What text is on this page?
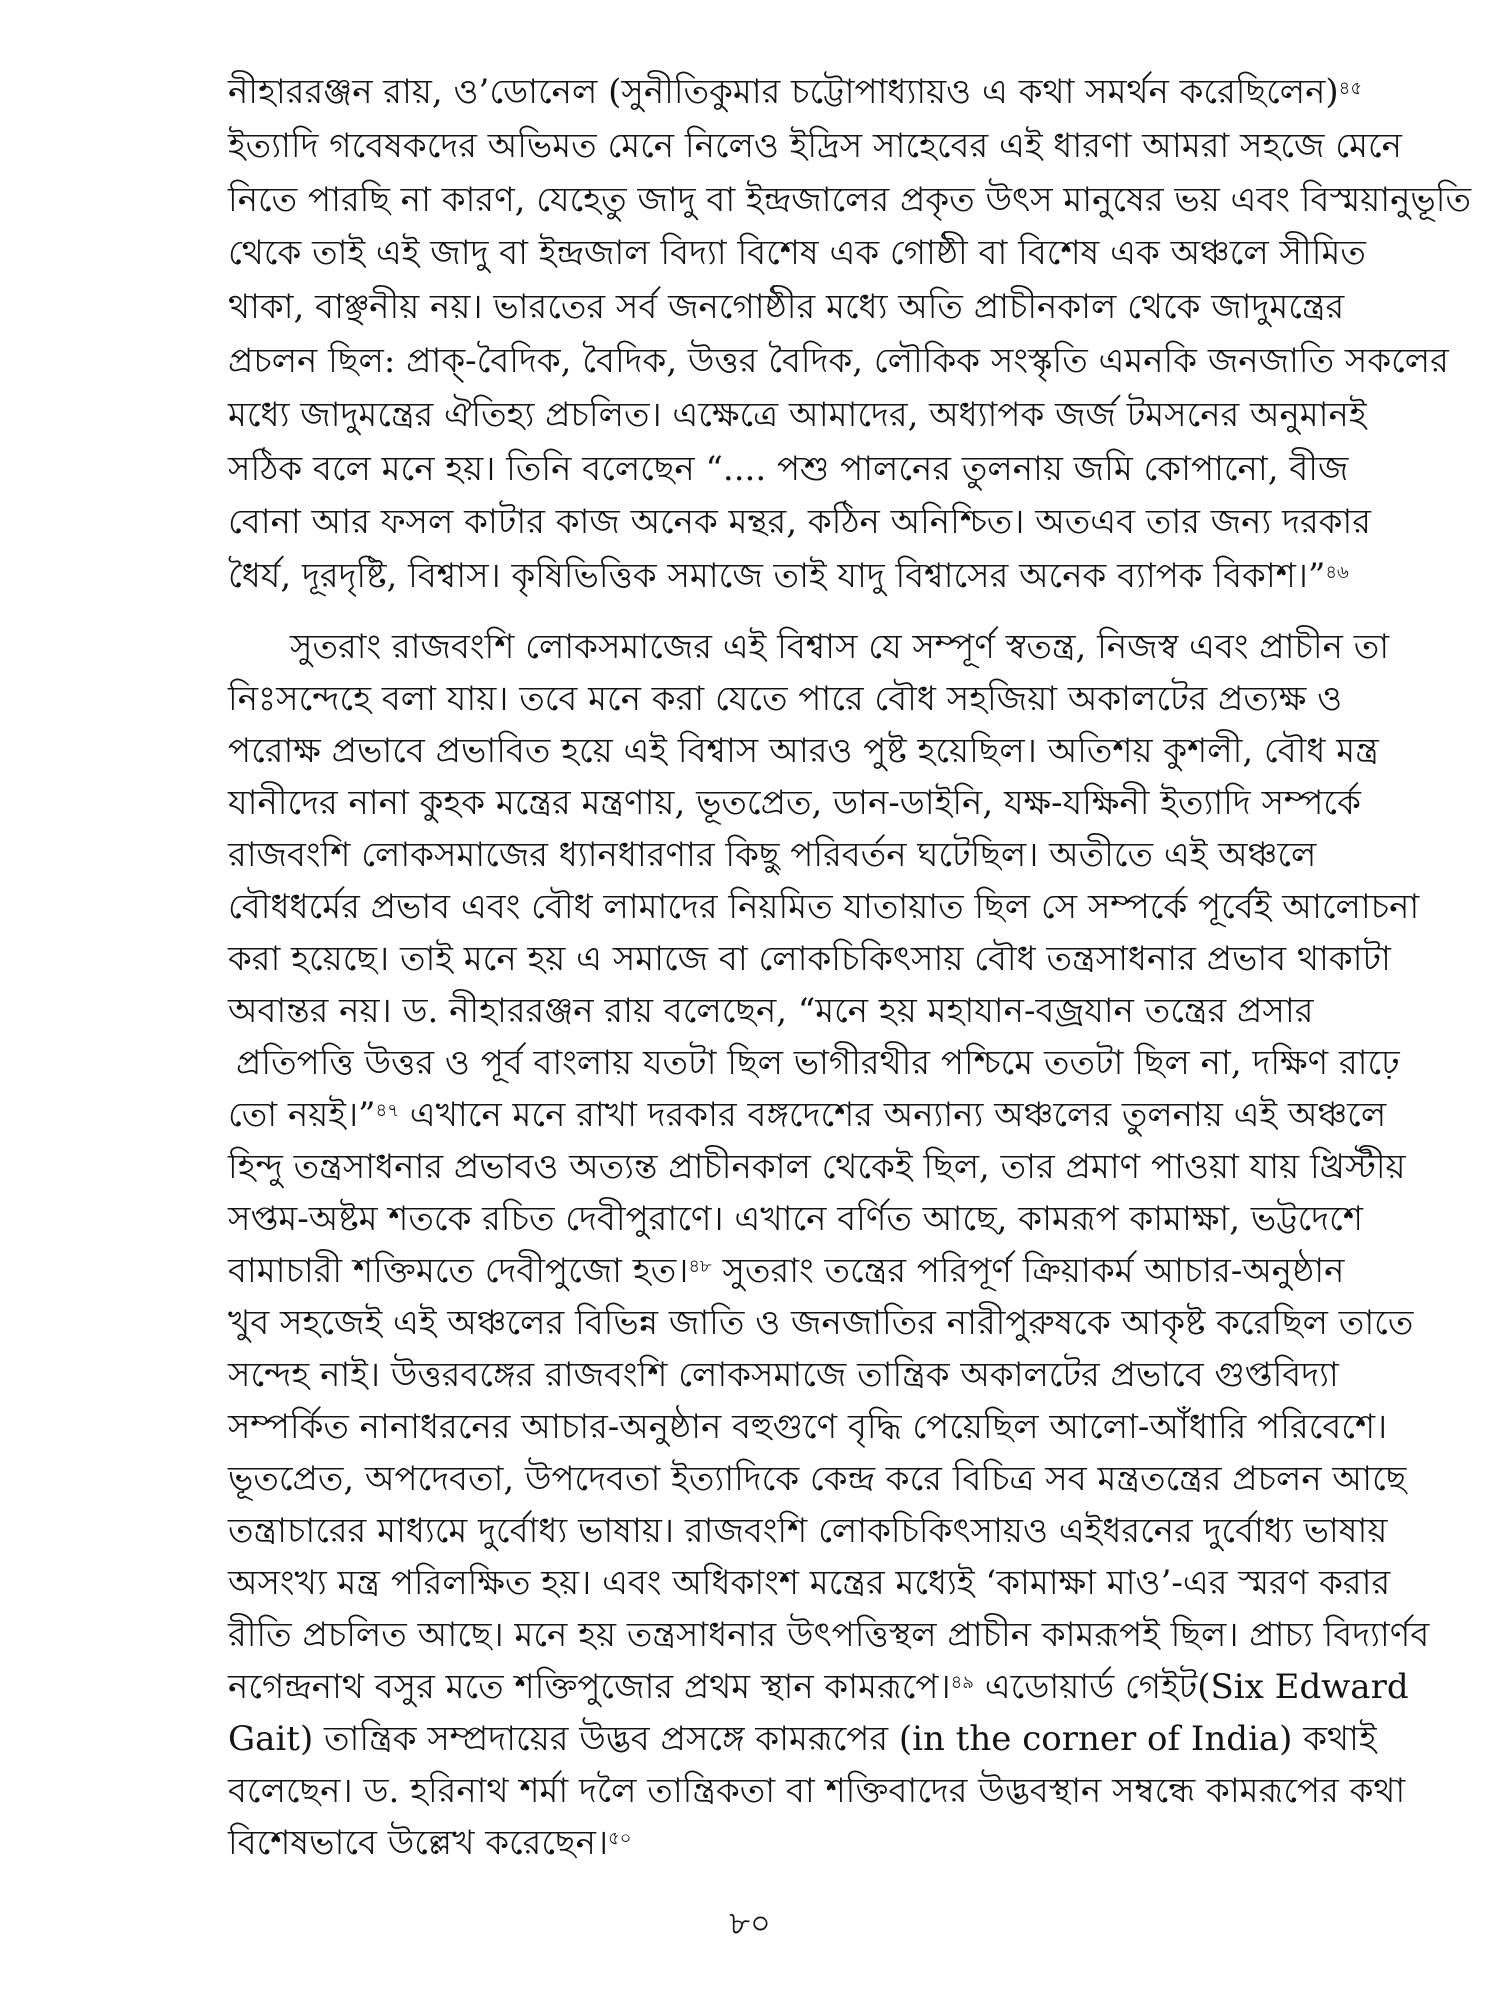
নীহাররঞ্জন রায়, ও’ডোনেল (সুনীতিকুমার চট্টোপাধ্যায়ও এ কথা সমর্থন করেছিলেন)$^{৪৫}$
ইত্যাদি গবেষকদের অভিমত মেনে নিলেও ইদ্রিস সাহেবের এই ধারণা আমরা সহজে মেনে
নিতে পারছি না কারণ, যেহেতু জাদু বা ইন্দ্রজালের প্রকৃত উৎস মানুষের ভয় এবং বিস্ময়ানুভূতি
থেকে তাই এই জাদু বা ইন্দ্রজাল বিদ্যা বিশেষ এক গোষ্ঠী বা বিশেষ এক অঞ্চলে সীমিত
থাকা, বাঞ্ছনীয় নয়। ভারতের সর্ব জনগোষ্ঠীর মধ্যে অতি প্রাচীনকাল থেকে জাদুমন্ত্রের
প্রচলন ছিল: প্রাক্-বৈদিক, বৈদিক, উত্তর বৈদিক, লৌকিক সংস্কৃতি এমনকি জনজাতি সকলের
মধ্যে জাদুমন্ত্রের ঐতিহ্য প্রচলিত। এক্ষেত্রে আমাদের, অধ্যাপক জর্জ টমসনের অনুমানই
সঠিক বলে মনে হয়। তিনি বলেছেন “.... পশু পালনের তুলনায় জমি কোপানো, বীজ
বোনা আর ফসল কাটার কাজ অনেক মন্থর, কঠিন অনিশ্চিত। অতএব তার জন্য দরকার
ধৈর্য, দূরদৃষ্টি, বিশ্বাস। কৃষিভিত্তিক সমাজে তাই যাদু বিশ্বাসের অনেক ব্যাপক বিকাশ।”$^{৪৬}$
সুতরাং রাজবংশি লোকসমাজের এই বিশ্বাস যে সম্পূর্ণ স্বতন্ত্র, নিজস্ব এবং প্রাচীন তা
নিঃসন্দেহে বলা যায়। তবে মনে করা যেতে পারে বৌধ সহজিয়া অকালটের প্রত্যক্ষ ও
পরোক্ষ প্রভাবে প্রভাবিত হয়ে এই বিশ্বাস আরও পুষ্ট হয়েছিল। অতিশয় কুশলী, বৌধ মন্ত্র
যানীদের নানা কুহক মন্ত্রের মন্ত্রণায়, ভূতপ্রেত, ডান-ডাইনি, যক্ষ-যক্ষিনী ইত্যাদি সম্পর্কে
রাজবংশি লোকসমাজের ধ্যানধারণার কিছু পরিবর্তন ঘটেছিল। অতীতে এই অঞ্চলে
বৌধধর্মের প্রভাব এবং বৌধ লামাদের নিয়মিত যাতায়াত ছিল সে সম্পর্কে পূর্বেই আলোচনা
করা হয়েছে। তাই মনে হয় এ সমাজে বা লোকচিকিৎসায় বৌধ তন্ত্রসাধনার প্রভাব থাকাটা
অবান্তর নয়। ড. নীহাররঞ্জন রায় বলেছেন, “মনে হয় মহাযান-বজ্রযান তন্ত্রের প্রসার
প্রতিপত্তি উত্তর ও পূর্ব বাংলায় যতটা ছিল ভাগীরথীর পশ্চিমে ততটা ছিল না, দক্ষিণ রাঢ়ে
তো নয়ই।”$^{৪৭}$ এখানে মনে রাখা দরকার বঙ্গদেশের অন্যান্য অঞ্চলের তুলনায় এই অঞ্চলে
হিন্দু তন্ত্রসাধনার প্রভাবও অত্যন্ত প্রাচীনকাল থেকেই ছিল, তার প্রমাণ পাওয়া যায় খ্রিস্টীয়
সপ্তম-অষ্টম শতকে রচিত দেবীপুরাণে। এখানে বর্ণিত আছে, কামরূপ কামাক্ষা, ভট্টদেশে
বামাচারী শক্তিমতে দেবীপুজো হত।$^{৪৮}$ সুতরাং তন্ত্রের পরিপূর্ণ ক্রিয়াকর্ম আচার-অনুষ্ঠান
খুব সহজেই এই অঞ্চলের বিভিন্ন জাতি ও জনজাতির নারীপুরুষকে আকৃষ্ট করেছিল তাতে
সন্দেহ নাই। উত্তরবঙ্গের রাজবংশি লোকসমাজে তান্ত্রিক অকালটের প্রভাবে গুপ্তবিদ্যা
সম্পর্কিত নানাধরনের আচার-অনুষ্ঠান বহুগুণে বৃদ্ধি পেয়েছিল আলো-আঁধারি পরিবেশে।
ভূতপ্রেত, অপদেবতা, উপদেবতা ইত্যাদিকে কেন্দ্র করে বিচিত্র সব মন্ত্রতন্ত্রের প্রচলন আছে
তন্ত্রাচারের মাধ্যমে দুর্বোধ্য ভাষায়। রাজবংশি লোকচিকিৎসায়ও এইধরনের দুর্বোধ্য ভাষায়
অসংখ্য মন্ত্র পরিলক্ষিত হয়। এবং অধিকাংশ মন্ত্রের মধ্যেই ‘কামাক্ষা মাও’-এর স্মরণ করার
রীতি প্রচলিত আছে। মনে হয় তন্ত্রসাধনার উৎপত্তিস্থল প্রাচীন কামরূপই ছিল। প্রাচ্য বিদ্যার্ণব
নগেন্দ্রনাথ বসুর মতে শক্তিপুজোর প্রথম স্থান কামরূপে।$^{৪৯}$ এডোয়ার্ড গেইট(Six Edward
Gait) তান্ত্রিক সম্প্রদায়ের উদ্ভব প্রসঙ্গে কামরূপের (in the corner of India) কথাই
বলেছেন। ড. হরিনাথ শর্মা দলৈ তান্ত্রিকতা বা শক্তিবাদের উদ্ভবস্থান সম্বন্ধে কামরূপের কথা
বিশেষভাবে উল্লেখ করেছেন।$^{৫০}$
৮০
